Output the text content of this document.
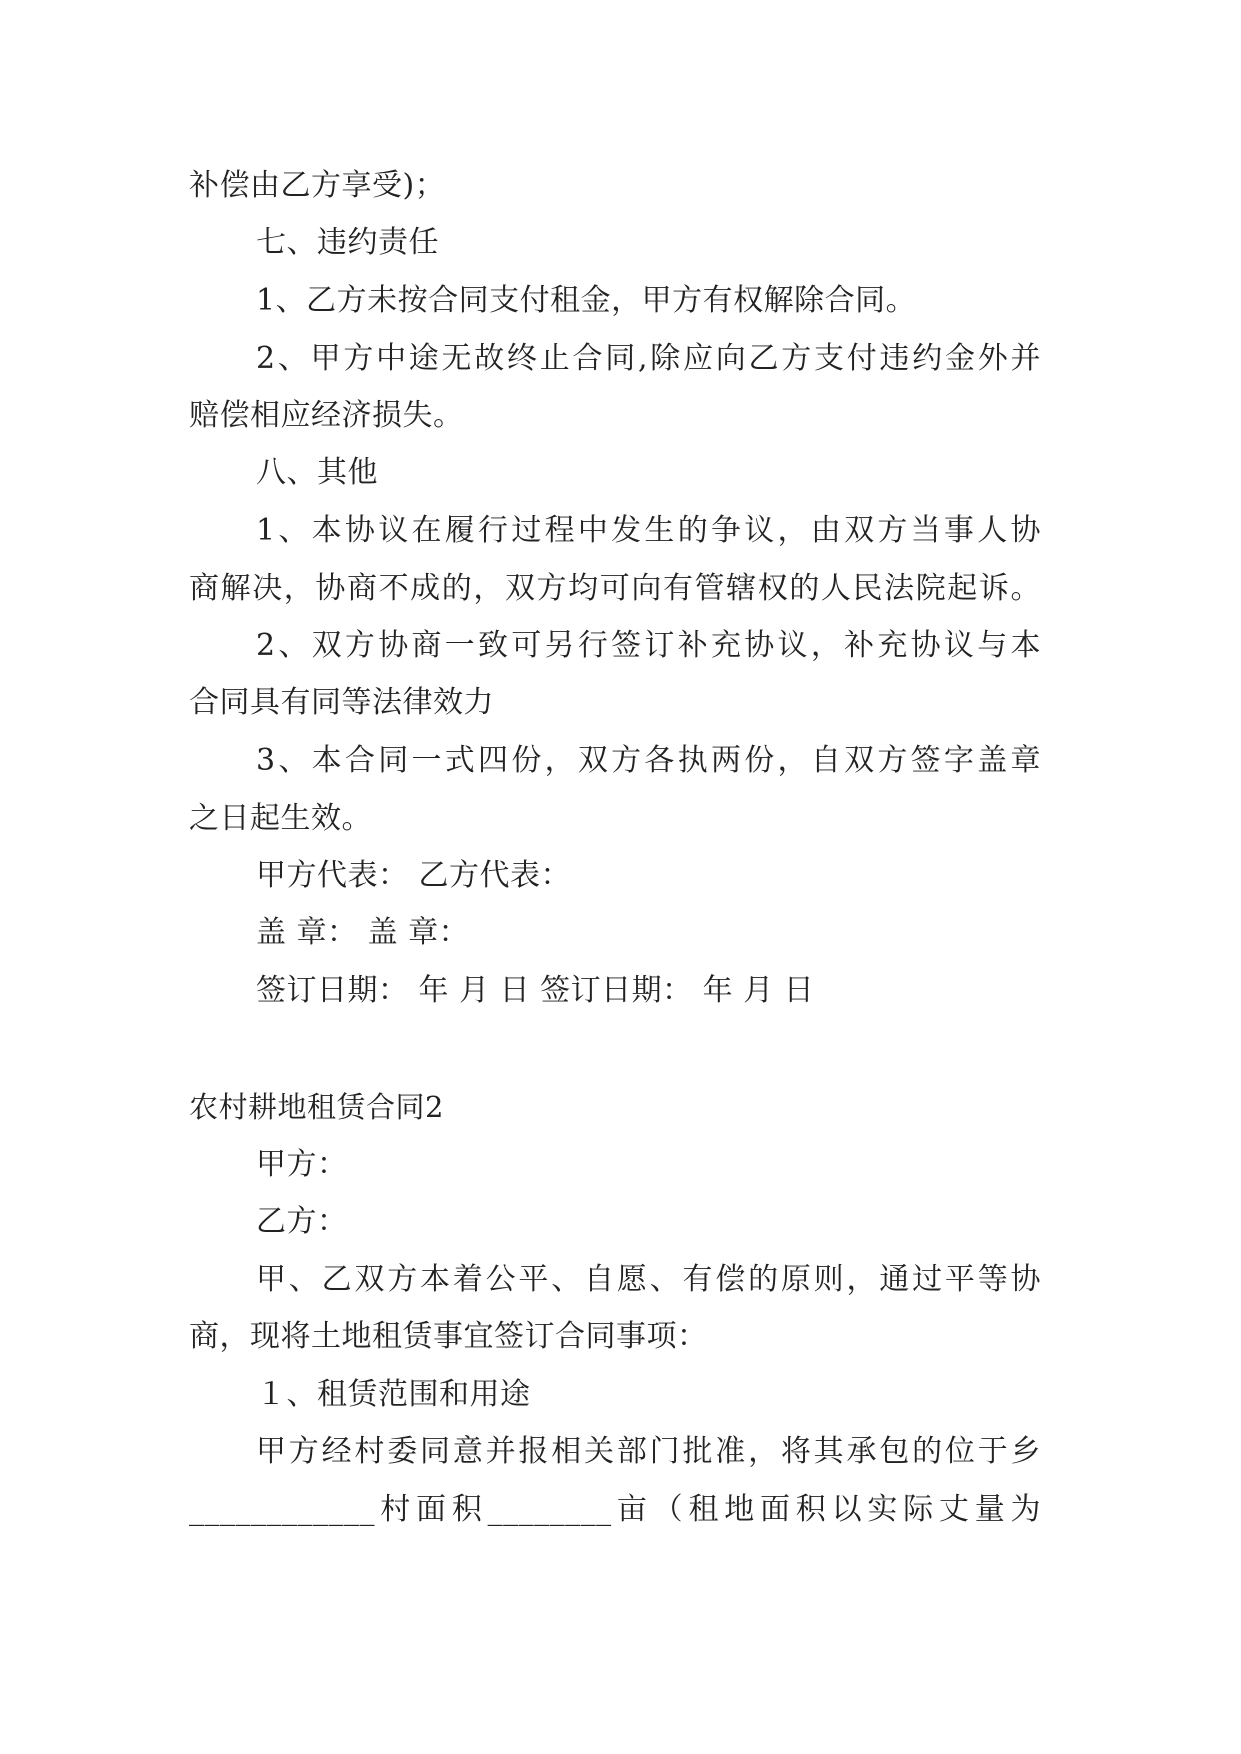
补偿由乙方享受)；
七、违约责任
1、乙方未按合同支付租金，甲方有权解除合同。
2、甲方中途无故终止合同,除应向乙方支付违约金外并
赔偿相应经济损失。
八、其他
1、本协议在履行过程中发生的争议，由双方当事人协
商解决，协商不成的，双方均可向有管辖权的人民法院起诉。
2、双方协商一致可另行签订补充协议，补充协议与本
合同具有同等法律效力
3、本合同一式四份，双方各执两份，自双方签字盖章
之日起生效。
甲方代表： 乙方代表：
盖 章： 盖 章：
签订日期： 年 月 日 签订日期： 年 月 日
农村耕地租赁合同2
甲方：
乙方：
甲、乙双方本着公平、自愿、有偿的原则，通过平等协
商，现将土地租赁事宜签订合同事项：
１、租赁范围和用途
甲方经村委同意并报相关部门批准，将其承包的位于乡
____________村面积________亩（租地面积以实际丈量为
